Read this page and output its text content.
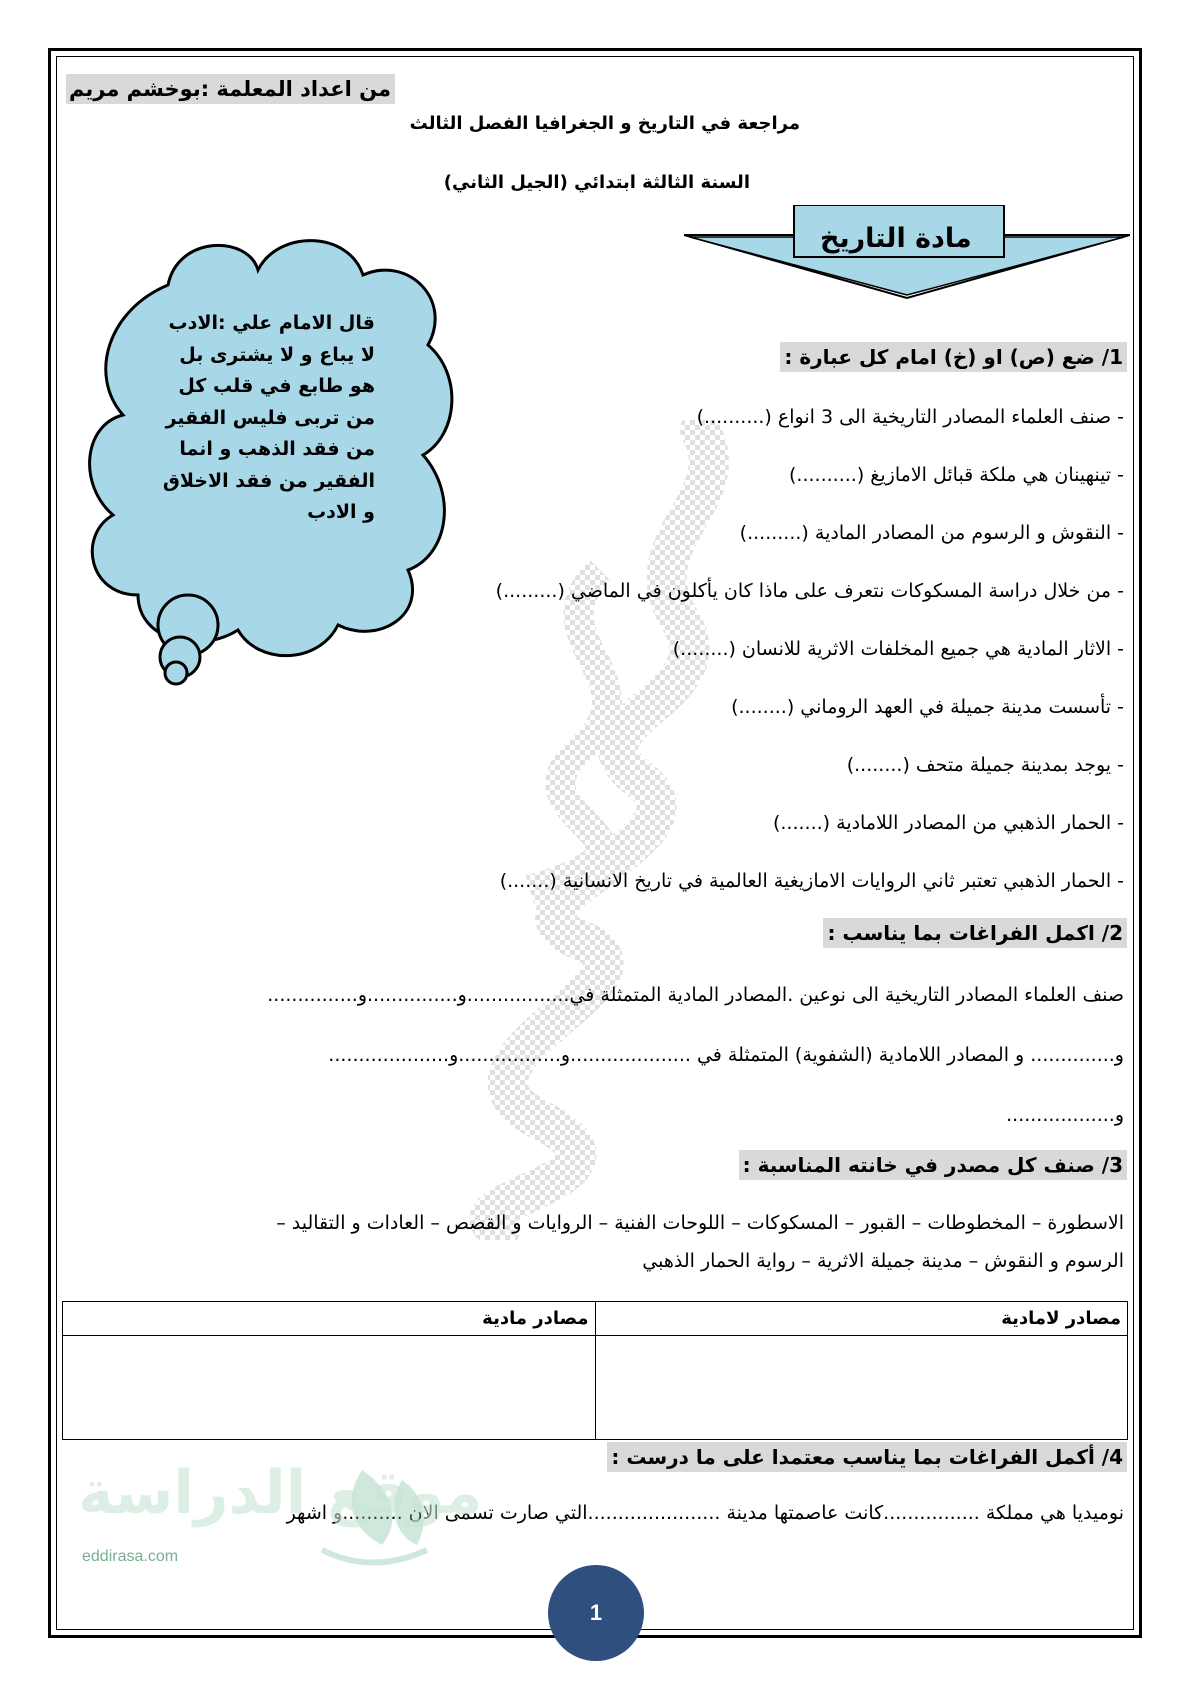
من اعداد المعلمة :بوخشم مريم
مراجعة في التاريخ و الجغرافيا الفصل الثالث
السنة الثالثة ابتدائي (الجيل الثاني)
مادة التاريخ
قال الامام علي :الادب لا يباع و لا يشترى بل هو طابع في قلب كل من تربى فليس الفقير من فقد الذهب و انما الفقير من فقد الاخلاق و الادب
1/ ضع (ص) او (خ) امام كل عبارة :
- صنف العلماء المصادر التاريخية الى 3 انواع (..........)
- تينهينان هي ملكة قبائل الامازيغ (..........)
- النقوش و الرسوم من المصادر المادية (.........)
- من خلال دراسة المسكوكات نتعرف على ماذا كان يأكلون في الماضي (.........)
- الاثار المادية هي جميع المخلفات الاثرية للانسان (........)
- تأسست مدينة جميلة في العهد الروماني (........)
- يوجد بمدينة جميلة متحف (........)
- الحمار الذهبي من المصادر اللامادية (.......)
- الحمار الذهبي تعتبر ثاني الروايات الامازيغية العالمية في تاريخ الانسانية (.......)
2/ اكمل الفراغات بما يناسب :
صنف العلماء المصادر التاريخية الى نوعين .المصادر المادية المتمثلة في.................و...............و...............
و.............. و المصادر اللامادية (الشفوية) المتمثلة في ....................و.................و....................
و..................
3/ صنف كل مصدر في خانته المناسبة :
الاسطورة – المخطوطات – القبور – المسكوكات – اللوحات الفنية – الروايات و القصص – العادات و التقاليد –
الرسوم و النقوش – مدينة جميلة الاثرية – رواية الحمار الذهبي
مصادر مادية	مصادر لامادية

4/ أكمل الفراغات بما يناسب معتمدا على ما درست :
نوميديا هي مملكة ................كانت عاصمتها مدينة ......................التي صارت تسمى الان ..........و اشهر
موقع الدراسة
eddirasa.com
1
